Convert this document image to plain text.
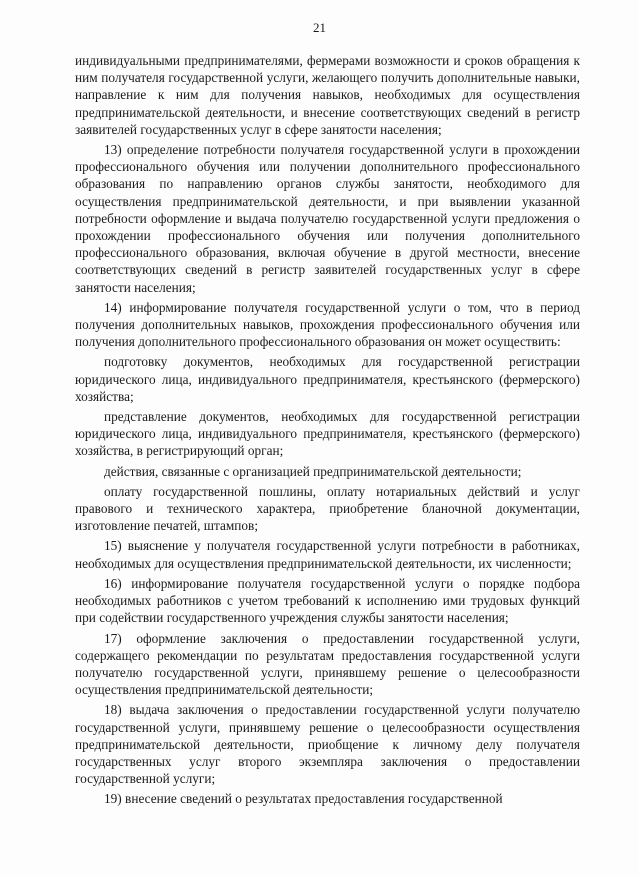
21

индивидуальными предпринимателями, фермерами возможности и сроков обращения к ним получателя государственной услуги, желающего получить дополнительные навыки, направление к ним для получения навыков, необходимых для осуществления предпринимательской деятельности, и внесение соответствующих сведений в регистр заявителей государственных услуг в сфере занятости населения;

13) определение потребности получателя государственной услуги в прохождении профессионального обучения или получении дополнительного профессионального образования по направлению органов службы занятости, необходимого для осуществления предпринимательской деятельности, и при выявлении указанной потребности оформление и выдача получателю государственной услуги предложения о прохождении профессионального обучения или получения дополнительного профессионального образования, включая обучение в другой местности, внесение соответствующих сведений в регистр заявителей государственных услуг в сфере занятости населения;

14) информирование получателя государственной услуги о том, что в период получения дополнительных навыков, прохождения профессионального обучения или получения дополнительного профессионального образования он может осуществить:

подготовку документов, необходимых для государственной регистрации юридического лица, индивидуального предпринимателя, крестьянского (фермерского) хозяйства;

представление документов, необходимых для государственной регистрации юридического лица, индивидуального предпринимателя, крестьянского (фермерского) хозяйства, в регистрирующий орган;

действия, связанные с организацией предпринимательской деятельности;

оплату государственной пошлины, оплату нотариальных действий и услуг правового и технического характера, приобретение бланочной документации, изготовление печатей, штампов;

15) выяснение у получателя государственной услуги потребности в работниках, необходимых для осуществления предпринимательской деятельности, их численности;

16) информирование получателя государственной услуги о порядке подбора необходимых работников с учетом требований к исполнению ими трудовых функций при содействии государственного учреждения службы занятости населения;

17) оформление заключения о предоставлении государственной услуги, содержащего рекомендации по результатам предоставления государственной услуги получателю государственной услуги, принявшему решение о целесообразности осуществления предпринимательской деятельности;

18) выдача заключения о предоставлении государственной услуги получателю государственной услуги, принявшему решение о целесообразности осуществления предпринимательской деятельности, приобщение к личному делу получателя государственных услуг второго экземпляра заключения о предоставлении государственной услуги;

19) внесение сведений о результатах предоставления государственной
